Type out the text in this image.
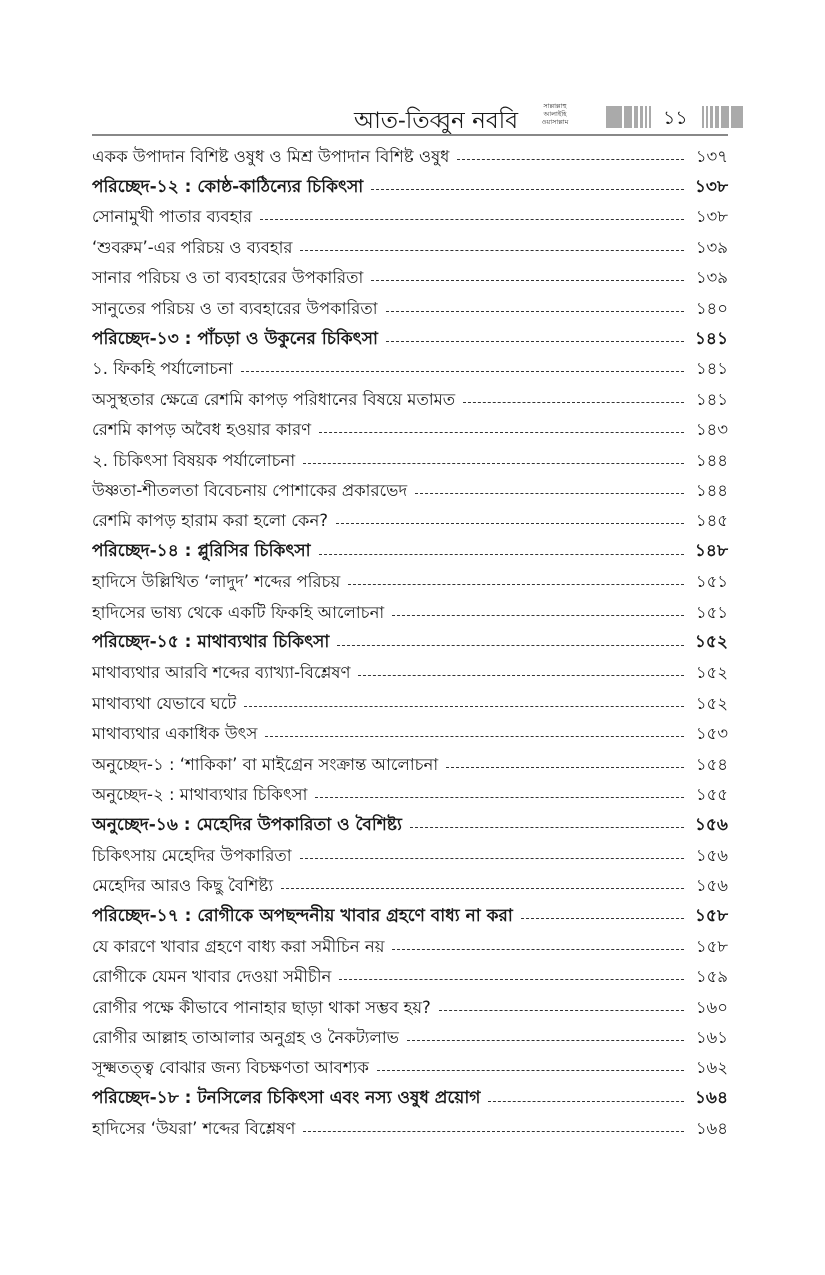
আত-তিব্বুন নববি
সাল্লাল্লাহু
আলাইহি
ওয়াসাল্লাম	১১
একক উপাদান বিশিষ্ট ওষুধ ও মিশ্র উপাদান বিশিষ্ট ওষুধ	১৩৭
পরিচ্ছেদ-১২ : কোষ্ঠ-কাঠিন্যের চিকিৎসা	১৩৮
সোনামুখী পাতার ব্যবহার	১৩৮
‘শুবরুম’-এর পরিচয় ও ব্যবহার	১৩৯
সানার পরিচয় ও তা ব্যবহারের উপকারিতা	১৩৯
সানুতের পরিচয় ও তা ব্যবহারের উপকারিতা	১৪০
পরিচ্ছেদ-১৩ : পাঁচড়া ও উকুনের চিকিৎসা	১৪১
১. ফিকহি পর্যালোচনা	১৪১
অসুস্থতার ক্ষেত্রে রেশমি কাপড় পরিধানের বিষয়ে মতামত	১৪১
রেশমি কাপড় অবৈধ হওয়ার কারণ	১৪৩
২. চিকিৎসা বিষয়ক পর্যালোচনা	১৪৪
উষ্ণতা-শীতলতা বিবেচনায় পোশাকের প্রকারভেদ	১৪৪
রেশমি কাপড় হারাম করা হলো কেন?	১৪৫
পরিচ্ছেদ-১৪ : প্লুরিসির চিকিৎসা	১৪৮
হাদিসে উল্লিখিত ‘লাদুদ’ শব্দের পরিচয়	১৫১
হাদিসের ভাষ্য থেকে একটি ফিকহি আলোচনা	১৫১
পরিচ্ছেদ-১৫ : মাথাব্যথার চিকিৎসা	১৫২
মাথাব্যথার আরবি শব্দের ব্যাখ্যা-বিশ্লেষণ	১৫২
মাথাব্যথা যেভাবে ঘটে	১৫২
মাথাব্যথার একাধিক উৎস	১৫৩
অনুচ্ছেদ-১ : ‘শাকিকা’ বা মাইগ্রেন সংক্রান্ত আলোচনা	১৫৪
অনুচ্ছেদ-২ : মাথাব্যথার চিকিৎসা	১৫৫
অনুচ্ছেদ-১৬ : মেহেদির উপকারিতা ও বৈশিষ্ট্য	১৫৬
চিকিৎসায় মেহেদির উপকারিতা	১৫৬
মেহেদির আরও কিছু বৈশিষ্ট্য	১৫৬
পরিচ্ছেদ-১৭ : রোগীকে অপছন্দনীয় খাবার গ্রহণে বাধ্য না করা	১৫৮
যে কারণে খাবার গ্রহণে বাধ্য করা সমীচিন নয়	১৫৮
রোগীকে যেমন খাবার দেওয়া সমীচীন	১৫৯
রোগীর পক্ষে কীভাবে পানাহার ছাড়া থাকা সম্ভব হয়?	১৬০
রোগীর আল্লাহ তাআলার অনুগ্রহ ও নৈকট্যলাভ	১৬১
সূক্ষ্মতত্ত্ব বোঝার জন্য বিচক্ষণতা আবশ্যক	১৬২
পরিচ্ছেদ-১৮ : টনসিলের চিকিৎসা এবং নস্য ওষুধ প্রয়োগ	১৬৪
হাদিসের ‘উযরা’ শব্দের বিশ্লেষণ	১৬৪
